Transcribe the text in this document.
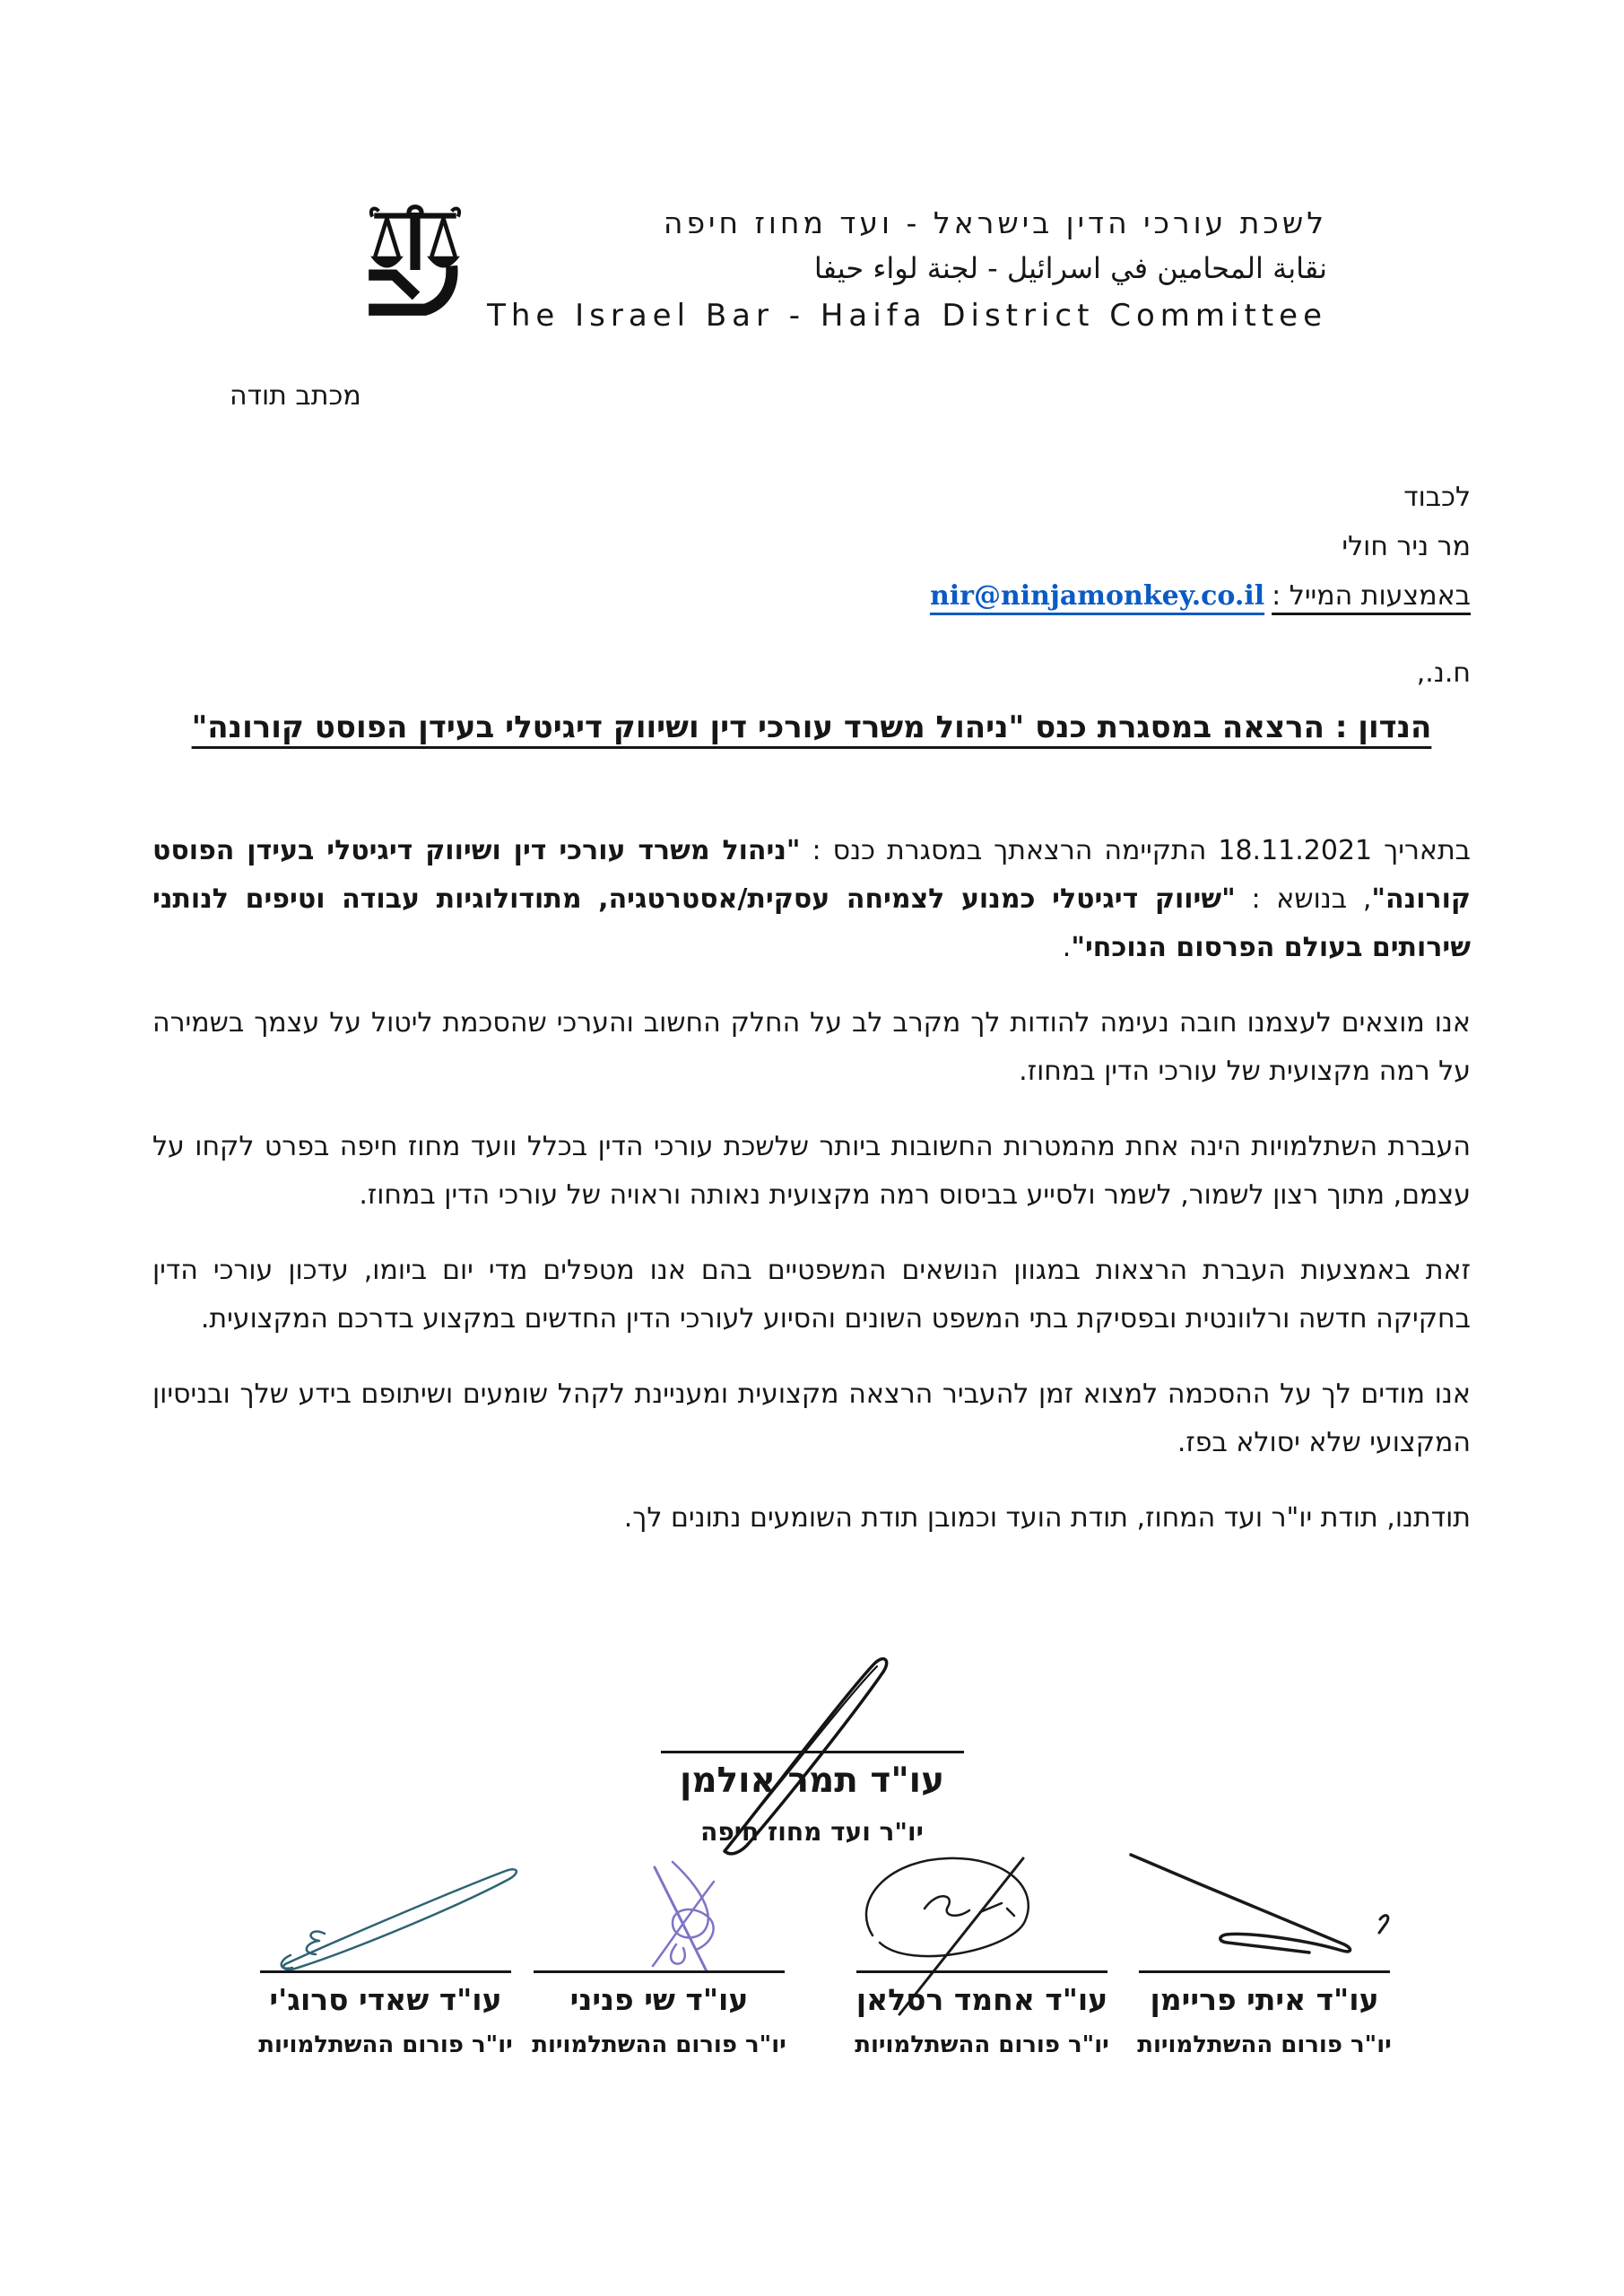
לשכת עורכי הדין בישראל - ועד מחוז חיפה
نقابة المحامين في اسرائيل - لجنة لواء حيفا
The Israel Bar - Haifa District Committee
מכתב תודה
לכבוד
מר ניר חולי
באמצעות המייל :nir@ninjamonkey.co.il
ח.נ.,
הנדון : הרצאה במסגרת כנס "ניהול משרד עורכי דין ושיווק דיגיטלי בעידן הפוסט קורונה"

בתאריך 18.11.2021 התקיימה הרצאתך במסגרת כנס : "ניהול משרד עורכי דין ושיווק דיגיטלי בעידן הפוסט קורונה", בנושא : "שיווק דיגיטלי כמנוע לצמיחה עסקית/אסטרטגיה, מתודולוגיות עבודה וטיפים לנותני שירותים בעולם הפרסום הנוכחי".

אנו מוצאים לעצמנו חובה נעימה להודות לך מקרב לב על החלק החשוב והערכי שהסכמת ליטול על עצמך בשמירה על רמה מקצועית של עורכי הדין במחוז.

העברת השתלמויות הינה אחת מהמטרות החשובות ביותר שלשכת עורכי הדין בכלל וועד מחוז חיפה בפרט לקחו על עצמם, מתוך רצון לשמור, לשמר ולסייע בביסוס רמה מקצועית נאותה וראויה של עורכי הדין במחוז.

זאת באמצעות העברת הרצאות במגוון הנושאים המשפטיים בהם אנו מטפלים מדי יום ביומו, עדכון עורכי הדין בחקיקה חדשה ורלוונטית ובפסיקת בתי המשפט השונים והסיוע לעורכי הדין החדשים במקצוע בדרכם המקצועית.

אנו מודים לך על ההסכמה למצוא זמן להעביר הרצאה מקצועית ומעניינת לקהל שומעים ושיתופם בידע שלך ובניסיון המקצועי שלא יסולא בפז.

תודתנו, תודת יו"ר ועד המחוז, תודת הועד וכמובן תודת השומעים נתונים לך.

עו"ד תמר אולמן
יו"ר ועד מחוז חיפה
עו"ד איתי פריימן
יו"ר פורום ההשתלמויות
עו"ד אחמד רסלאן
יו"ר פורום ההשתלמויות
עו"ד שי פניני
יו"ר פורום ההשתלמויות
עו"ד שאדי סרוג'י
יו"ר פורום ההשתלמויות
